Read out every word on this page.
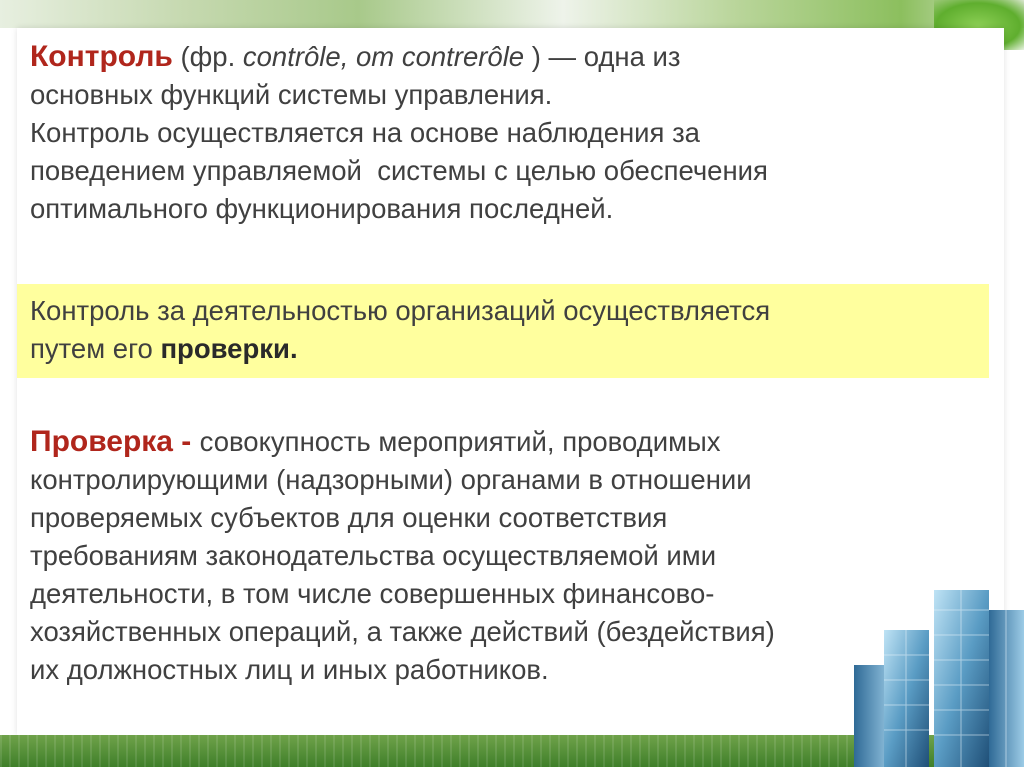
Контроль (фр. contrôle, от contrerôle ) — одна из
основных функций системы управления.
Контроль осуществляется на основе наблюдения за
поведением управляемой  системы с целью обеспечения
оптимального функционирования последней.
Контроль за деятельностью организаций осуществляется
путем его проверки.
Проверка - совокупность мероприятий, проводимых
контролирующими (надзорными) органами в отношении
проверяемых субъектов для оценки соответствия
требованиям законодательства осуществляемой ими
деятельности, в том числе совершенных финансово-
хозяйственных операций, а также действий (бездействия)
их должностных лиц и иных работников.
